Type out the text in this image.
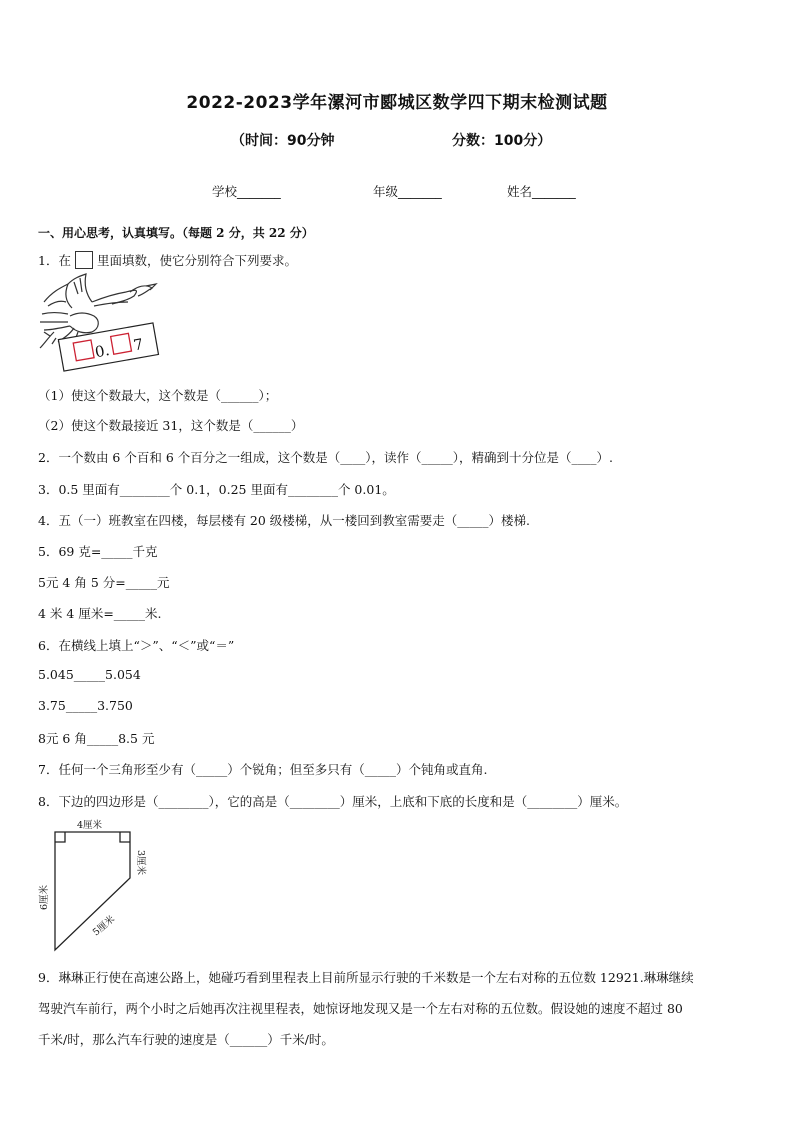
2022-2023学年漯河市郾城区数学四下期末检测试题
（时间：90分钟	分数：100分）
学校_______	年级_______	姓名_______
一、用心思考，认真填写。（每题 2 分，共 22 分）
1．在 里面填数，使它分别符合下列要求。
0. 7
（1）使这个数最大，这个数是（______）；
（2）使这个数最接近 31，这个数是（______）
2．一个数由 6 个百和 6 个百分之一组成，这个数是（____），读作（_____），精确到十分位是（____）.
3．0.5 里面有________个 0.1，0.25 里面有________个 0.01。
4．五（一）班教室在四楼，每层楼有 20 级楼梯，从一楼回到教室需要走（_____）楼梯.
5．69 克=_____千克
5元 4 角 5 分=_____元
4 米 4 厘米=_____米.
6．在横线上填上“＞”、“＜”或“＝”
5.045_____5.054
3.75_____3.750
8元 6 角_____8.5 元
7．任何一个三角形至少有（_____）个锐角；但至多只有（_____）个钝角或直角.
8．下边的四边形是（________），它的高是（________）厘米，上底和下底的长度和是（________）厘米。
4厘米
3厘米
6厘米
5厘米
9．琳琳正行使在高速公路上，她碰巧看到里程表上目前所显示行驶的千米数是一个左右对称的五位数 12921.琳琳继续
驾驶汽车前行，两个小时之后她再次注视里程表，她惊讶地发现又是一个左右对称的五位数。假设她的速度不超过 80
千米/时，那么汽车行驶的速度是（______）千米/时。
